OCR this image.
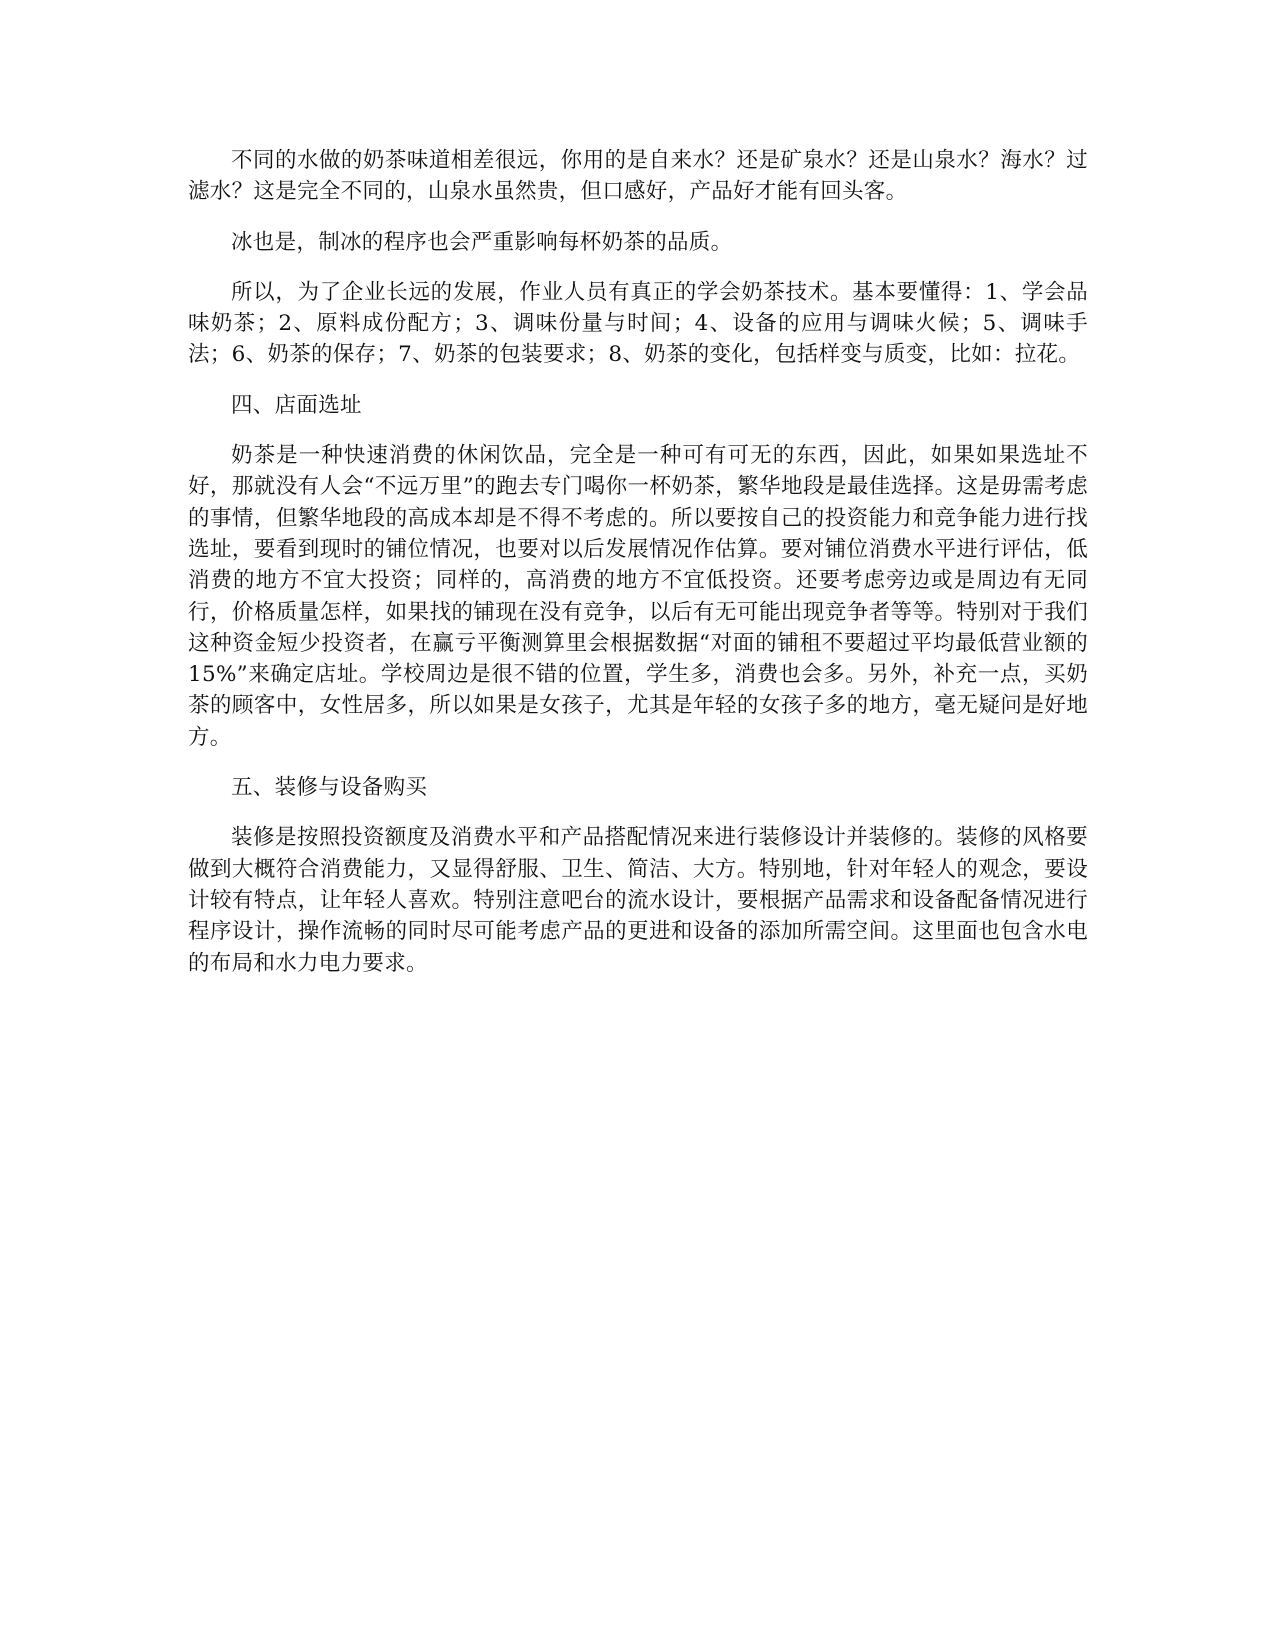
不同的水做的奶茶味道相差很远，你用的是自来水？还是矿泉水？还是山泉水？海水？过滤水？这是完全不同的，山泉水虽然贵，但口感好，产品好才能有回头客。

冰也是，制冰的程序也会严重影响每杯奶茶的品质。

所以，为了企业长远的发展，作业人员有真正的学会奶茶技术。基本要懂得：1、学会品味奶茶；2、原料成份配方；3、调味份量与时间；4、设备的应用与调味火候；5、调味手法；6、奶茶的保存；7、奶茶的包装要求；8、奶茶的变化，包括样变与质变，比如：拉花。

四、店面选址

奶茶是一种快速消费的休闲饮品，完全是一种可有可无的东西，因此，如果如果选址不好，那就没有人会“不远万里”的跑去专门喝你一杯奶茶，繁华地段是最佳选择。这是毋需考虑的事情，但繁华地段的高成本却是不得不考虑的。所以要按自己的投资能力和竞争能力进行找选址，要看到现时的铺位情况，也要对以后发展情况作估算。要对铺位消费水平进行评估，低消费的地方不宜大投资；同样的，高消费的地方不宜低投资。还要考虑旁边或是周边有无同行，价格质量怎样，如果找的铺现在没有竞争，以后有无可能出现竞争者等等。特别对于我们这种资金短少投资者，在赢亏平衡测算里会根据数据“对面的铺租不要超过平均最低营业额的15%”来确定店址。学校周边是很不错的位置，学生多，消费也会多。另外，补充一点，买奶茶的顾客中，女性居多，所以如果是女孩子，尤其是年轻的女孩子多的地方，毫无疑问是好地方。

五、装修与设备购买

装修是按照投资额度及消费水平和产品搭配情况来进行装修设计并装修的。装修的风格要做到大概符合消费能力，又显得舒服、卫生、简洁、大方。特别地，针对年轻人的观念，要设计较有特点，让年轻人喜欢。特别注意吧台的流水设计，要根据产品需求和设备配备情况进行程序设计，操作流畅的同时尽可能考虑产品的更进和设备的添加所需空间。这里面也包含水电的布局和水力电力要求。
